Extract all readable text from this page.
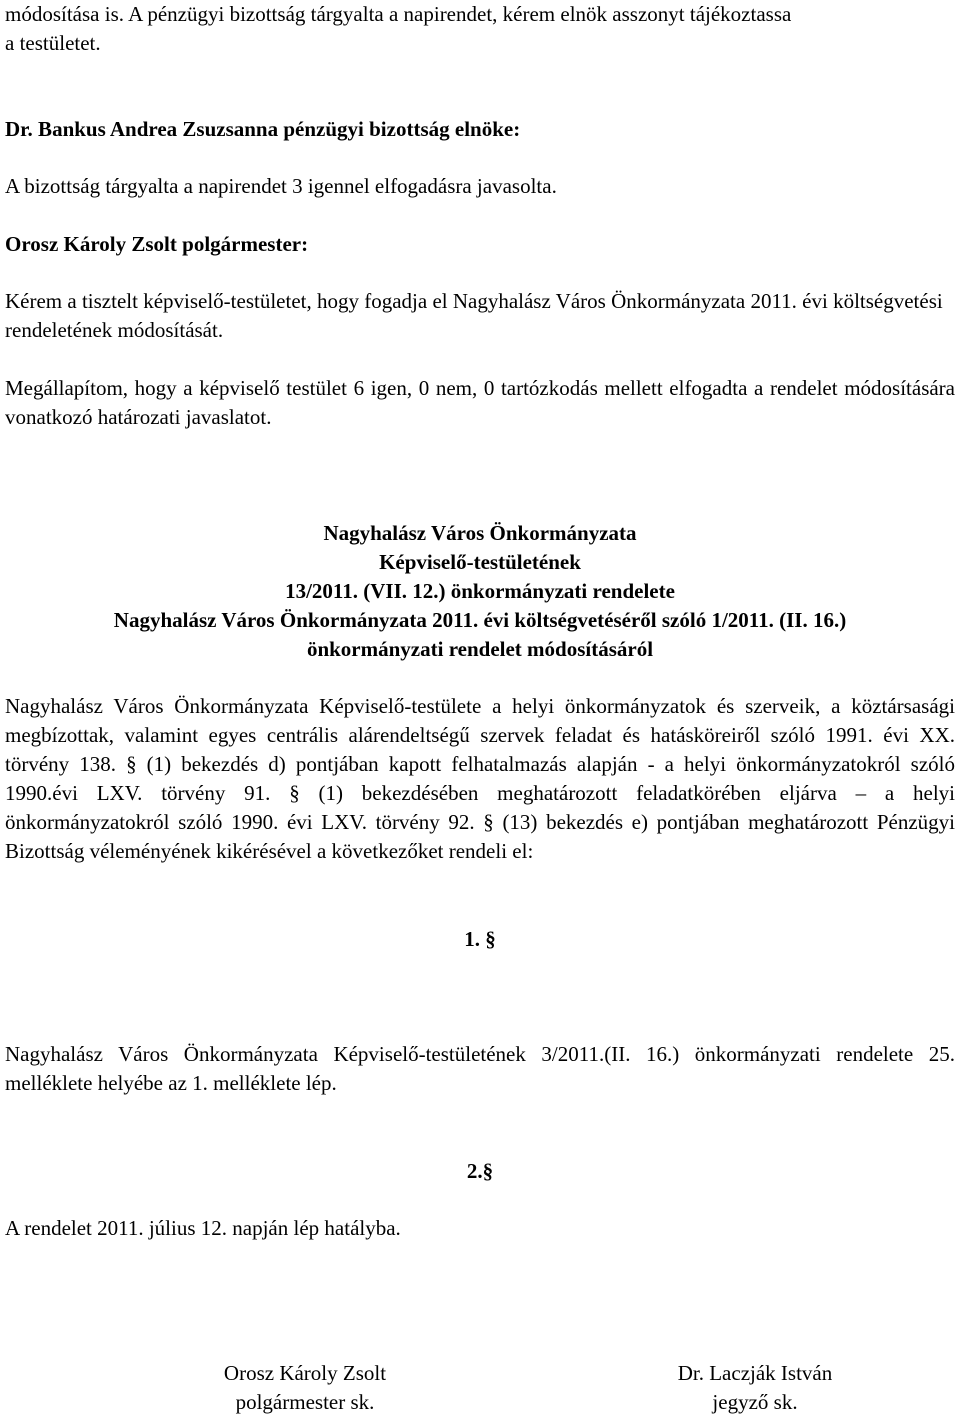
módosítása is. A pénzügyi bizottság tárgyalta a napirendet, kérem elnök asszonyt tájékoztassa
a testületet.
Dr. Bankus Andrea Zsuzsanna pénzügyi bizottság elnöke:
A bizottság tárgyalta a napirendet 3 igennel elfogadásra javasolta.
Orosz Károly Zsolt polgármester:
Kérem a tisztelt képviselő-testületet, hogy fogadja el Nagyhalász Város Önkormányzata 2011. évi költségvetési rendeletének módosítását.
Megállapítom, hogy a képviselő testület 6 igen, 0 nem, 0 tartózkodás mellett elfogadta a rendelet módosítására vonatkozó határozati javaslatot.
Nagyhalász Város Önkormányzata
Képviselő-testületének
13/2011. (VII. 12.) önkormányzati rendelete
Nagyhalász Város Önkormányzata 2011. évi költségvetéséről szóló 1/2011. (II. 16.)
önkormányzati rendelet módosításáról
Nagyhalász Város Önkormányzata Képviselő-testülete a helyi önkormányzatok és szerveik, a köztársasági megbízottak, valamint egyes centrális alárendeltségű szervek feladat és hatásköreiről szóló 1991. évi XX. törvény 138. § (1) bekezdés d) pontjában kapott felhatalmazás alapján - a helyi önkormányzatokról szóló 1990.évi LXV. törvény 91. § (1) bekezdésében meghatározott feladatkörében eljárva – a helyi önkormányzatokról szóló 1990. évi LXV. törvény 92. § (13) bekezdés e) pontjában meghatározott Pénzügyi Bizottság véleményének kikérésével a következőket rendeli el:
1. §
Nagyhalász Város Önkormányzata Képviselő-testületének 3/2011.(II. 16.) önkormányzati rendelete 25. melléklete helyébe az 1. melléklete lép.
2.§
A rendelet 2011. július 12. napján lép hatályba.
Orosz Károly Zsolt
polgármester sk.
Dr. Laczják István
jegyző sk.
